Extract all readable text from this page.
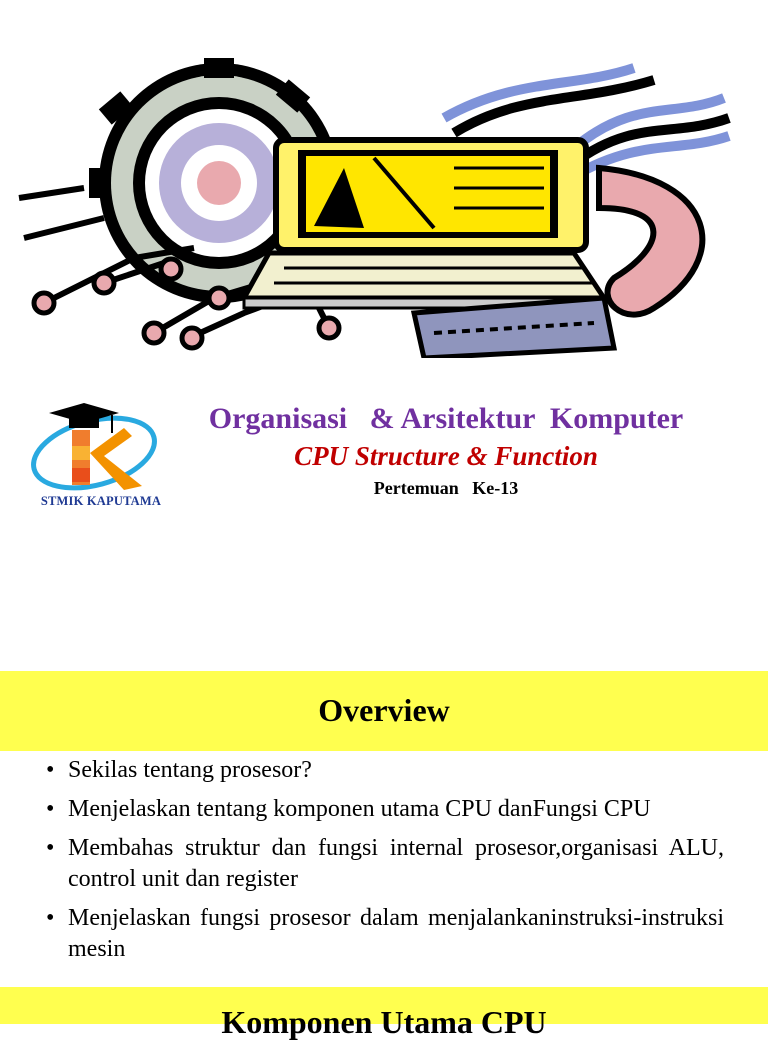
STMIK KAPUTAMA
Organisasi   & Arsitektur  Komputer
CPU Structure & Function
Pertemuan   Ke-13
Overview
• Sekilas tentang prosesor?
• Menjelaskan tentang komponen utama CPU danFungsi CPU
• Membahas struktur dan fungsi internal prosesor,organisasi ALU, control unit dan register
• Menjelaskan fungsi prosesor dalam menjalankaninstruksi-instruksi mesin
Komponen Utama CPU
